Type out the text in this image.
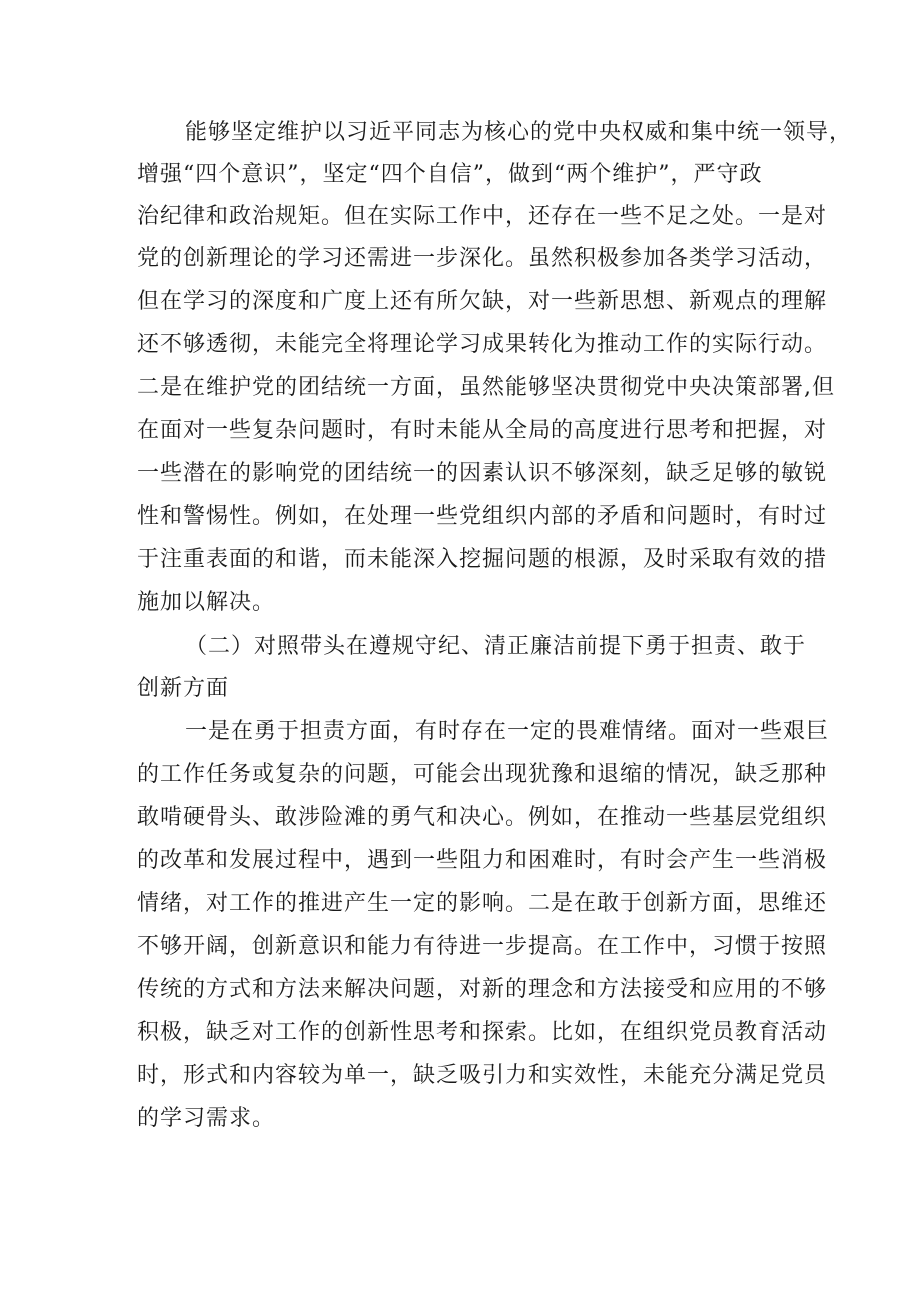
能够坚定维护以习近平同志为核心的党中央权威和集中统一领导，
增强“四个意识”，坚定“四个自信”，做到“两个维护”，严守政
治纪律和政治规矩。但在实际工作中，还存在一些不足之处。一是对
党的创新理论的学习还需进一步深化。虽然积极参加各类学习活动，
但在学习的深度和广度上还有所欠缺，对一些新思想、新观点的理解
还不够透彻，未能完全将理论学习成果转化为推动工作的实际行动。
二是在维护党的团结统一方面，虽然能够坚决贯彻党中央决策部署,但
在面对一些复杂问题时，有时未能从全局的高度进行思考和把握，对
一些潜在的影响党的团结统一的因素认识不够深刻，缺乏足够的敏锐
性和警惕性。例如，在处理一些党组织内部的矛盾和问题时，有时过
于注重表面的和谐，而未能深入挖掘问题的根源，及时采取有效的措
施加以解决。
（二）对照带头在遵规守纪、清正廉洁前提下勇于担责、敢于
创新方面
一是在勇于担责方面，有时存在一定的畏难情绪。面对一些艰巨
的工作任务或复杂的问题，可能会出现犹豫和退缩的情况，缺乏那种
敢啃硬骨头、敢涉险滩的勇气和决心。例如，在推动一些基层党组织
的改革和发展过程中，遇到一些阻力和困难时，有时会产生一些消极
情绪，对工作的推进产生一定的影响。二是在敢于创新方面，思维还
不够开阔，创新意识和能力有待进一步提高。在工作中，习惯于按照
传统的方式和方法来解决问题，对新的理念和方法接受和应用的不够
积极，缺乏对工作的创新性思考和探索。比如，在组织党员教育活动
时，形式和内容较为单一，缺乏吸引力和实效性，未能充分满足党员
的学习需求。
